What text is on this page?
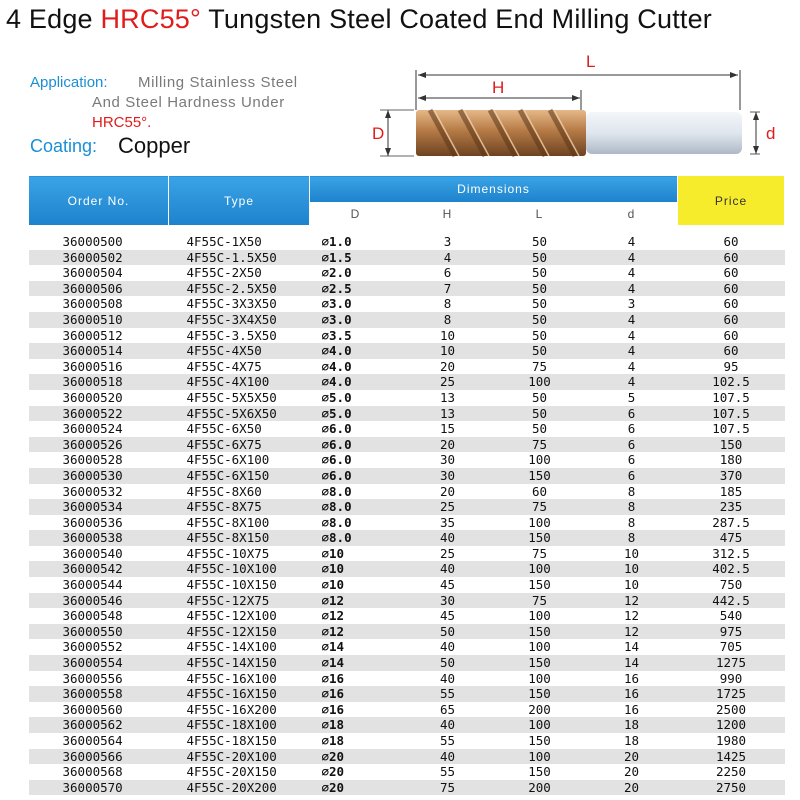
4 Edge HRC55° Tungsten Steel Coated End Milling Cutter
Application: Milling Stainless Steel
And Steel Hardness Under
HRC55°.
Coating: Copper
L
H
D	d
Order No.	Type	Dimensions				Price
		D	H	L	d	

36000500	4F55C-1X50	⌀1.0	3	50	4	60
36000502	4F55C-1.5X50	⌀1.5	4	50	4	60
36000504	4F55C-2X50	⌀2.0	6	50	4	60
36000506	4F55C-2.5X50	⌀2.5	7	50	4	60
36000508	4F55C-3X3X50	⌀3.0	8	50	3	60
36000510	4F55C-3X4X50	⌀3.0	8	50	4	60
36000512	4F55C-3.5X50	⌀3.5	10	50	4	60
36000514	4F55C-4X50	⌀4.0	10	50	4	60
36000516	4F55C-4X75	⌀4.0	20	75	4	95
36000518	4F55C-4X100	⌀4.0	25	100	4	102.5
36000520	4F55C-5X5X50	⌀5.0	13	50	5	107.5
36000522	4F55C-5X6X50	⌀5.0	13	50	6	107.5
36000524	4F55C-6X50	⌀6.0	15	50	6	107.5
36000526	4F55C-6X75	⌀6.0	20	75	6	150
36000528	4F55C-6X100	⌀6.0	30	100	6	180
36000530	4F55C-6X150	⌀6.0	30	150	6	370
36000532	4F55C-8X60	⌀8.0	20	60	8	185
36000534	4F55C-8X75	⌀8.0	25	75	8	235
36000536	4F55C-8X100	⌀8.0	35	100	8	287.5
36000538	4F55C-8X150	⌀8.0	40	150	8	475
36000540	4F55C-10X75	⌀10	25	75	10	312.5
36000542	4F55C-10X100	⌀10	40	100	10	402.5
36000544	4F55C-10X150	⌀10	45	150	10	750
36000546	4F55C-12X75	⌀12	30	75	12	442.5
36000548	4F55C-12X100	⌀12	45	100	12	540
36000550	4F55C-12X150	⌀12	50	150	12	975
36000552	4F55C-14X100	⌀14	40	100	14	705
36000554	4F55C-14X150	⌀14	50	150	14	1275
36000556	4F55C-16X100	⌀16	40	100	16	990
36000558	4F55C-16X150	⌀16	55	150	16	1725
36000560	4F55C-16X200	⌀16	65	200	16	2500
36000562	4F55C-18X100	⌀18	40	100	18	1200
36000564	4F55C-18X150	⌀18	55	150	18	1980
36000566	4F55C-20X100	⌀20	40	100	20	1425
36000568	4F55C-20X150	⌀20	55	150	20	2250
36000570	4F55C-20X200	⌀20	75	200	20	2750
